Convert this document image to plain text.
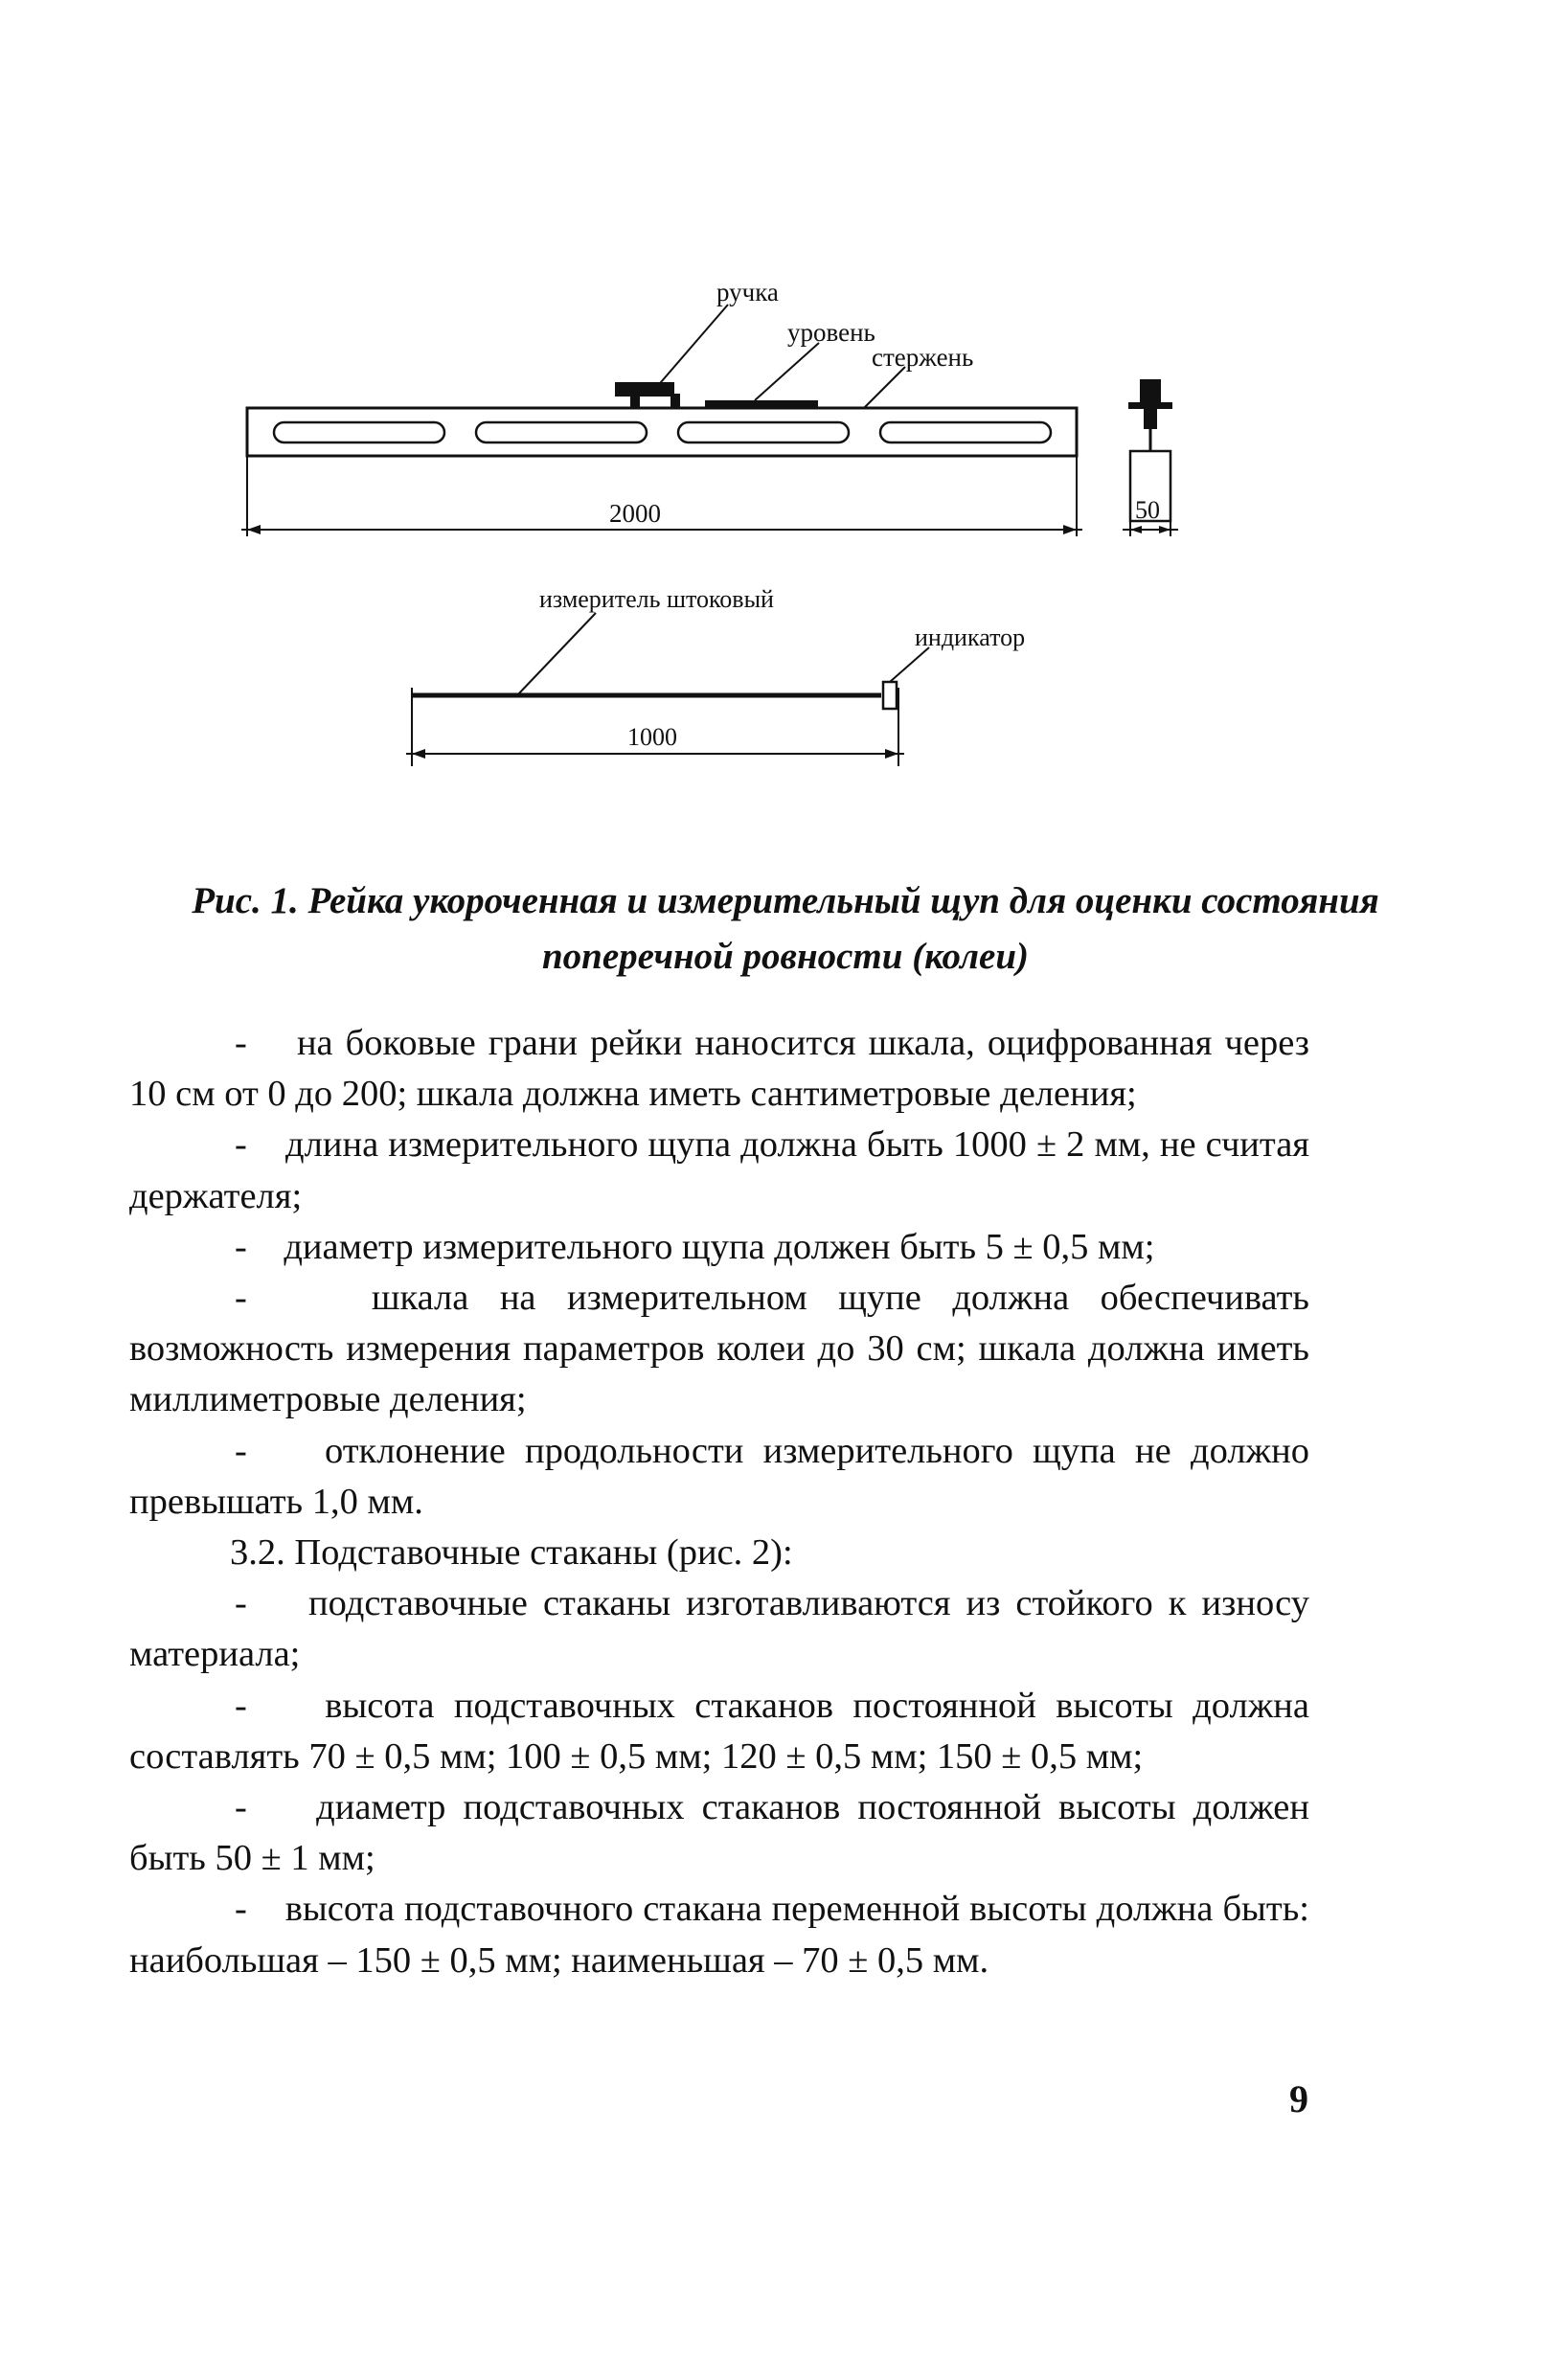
ручка
уровень
стержень
2000	50
измеритель штоковый
индикатор
1000
Рис. 1. Рейка укороченная и измерительный щуп для оценки состояния
поперечной ровности (колеи)

-    на боковые грани рейки наносится шкала, оцифрованная через 10 см от 0 до 200; шкала должна иметь сантиметровые деления;

-    длина измерительного щупа должна быть 1000 ± 2 мм, не считая держателя;

-    диаметр измерительного щупа должен быть 5 ± 0,5 мм;

-    шкала на измерительном щупе должна обеспечивать возможность измерения параметров колеи до 30 см; шкала должна иметь миллиметровые деления;

-    отклонение продольности измерительного щупа не должно превышать 1,0 мм.

3.2. Подставочные стаканы (рис. 2):

-    подставочные стаканы изготавливаются из стойкого к износу материала;

-    высота подставочных стаканов постоянной высоты должна составлять 70 ± 0,5 мм; 100 ± 0,5 мм; 120 ± 0,5 мм; 150 ± 0,5 мм;

-    диаметр подставочных стаканов постоянной высоты должен быть 50 ± 1 мм;

-    высота подставочного стакана переменной высоты должна быть: наибольшая – 150 ± 0,5 мм; наименьшая – 70 ± 0,5 мм.

9
